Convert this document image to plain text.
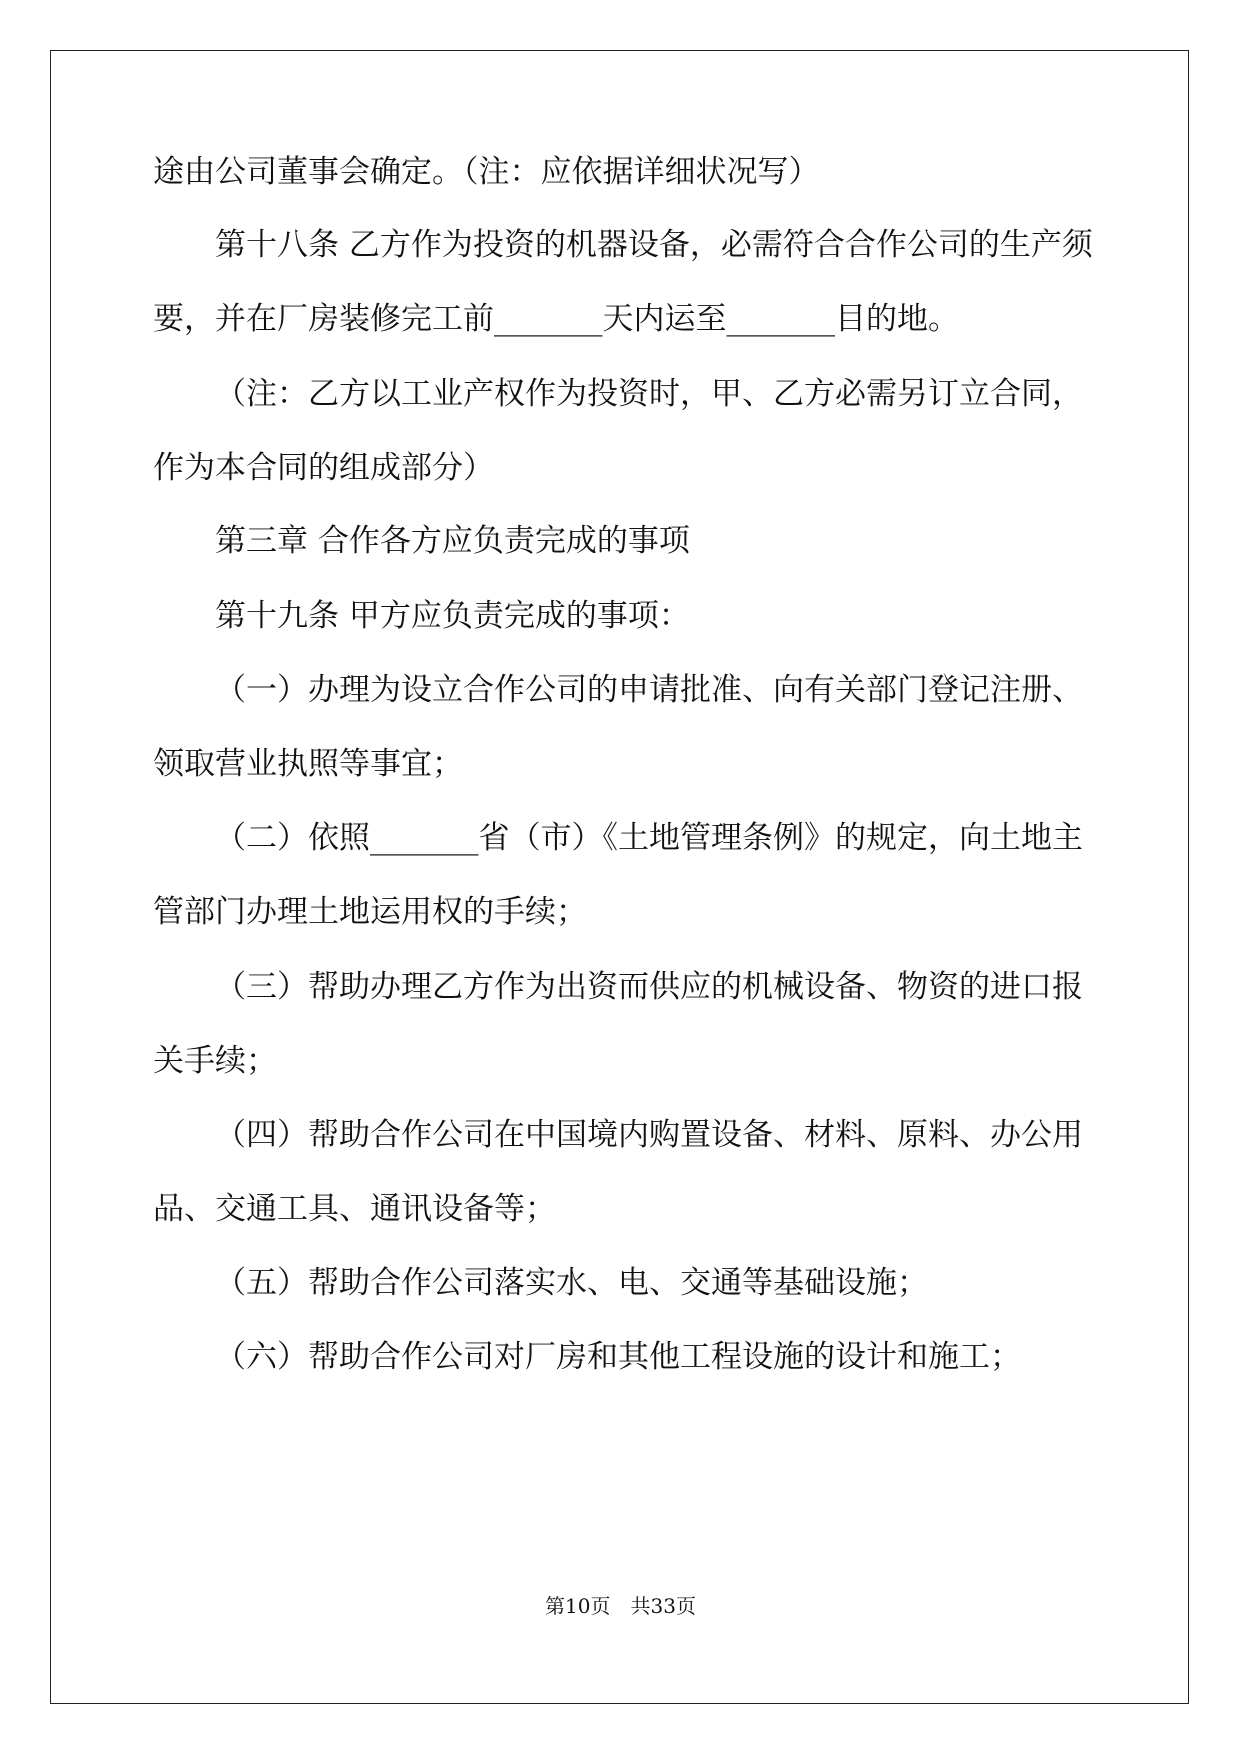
途由公司董事会确定。（注：应依据详细状况写）
第十八条 乙方作为投资的机器设备，必需符合合作公司的生产须
要，并在厂房装修完工前_______天内运至_______目的地。
（注：乙方以工业产权作为投资时，甲、乙方必需另订立合同，
作为本合同的组成部分）
第三章 合作各方应负责完成的事项
第十九条 甲方应负责完成的事项：
（一）办理为设立合作公司的申请批准、向有关部门登记注册、
领取营业执照等事宜；
（二）依照_______省（市）《土地管理条例》的规定，向土地主
管部门办理土地运用权的手续；
（三）帮助办理乙方作为出资而供应的机械设备、物资的进口报
关手续；
（四）帮助合作公司在中国境内购置设备、材料、原料、办公用
品、交通工具、通讯设备等；
（五）帮助合作公司落实水、电、交通等基础设施；
（六）帮助合作公司对厂房和其他工程设施的设计和施工；
第10页　共33页
